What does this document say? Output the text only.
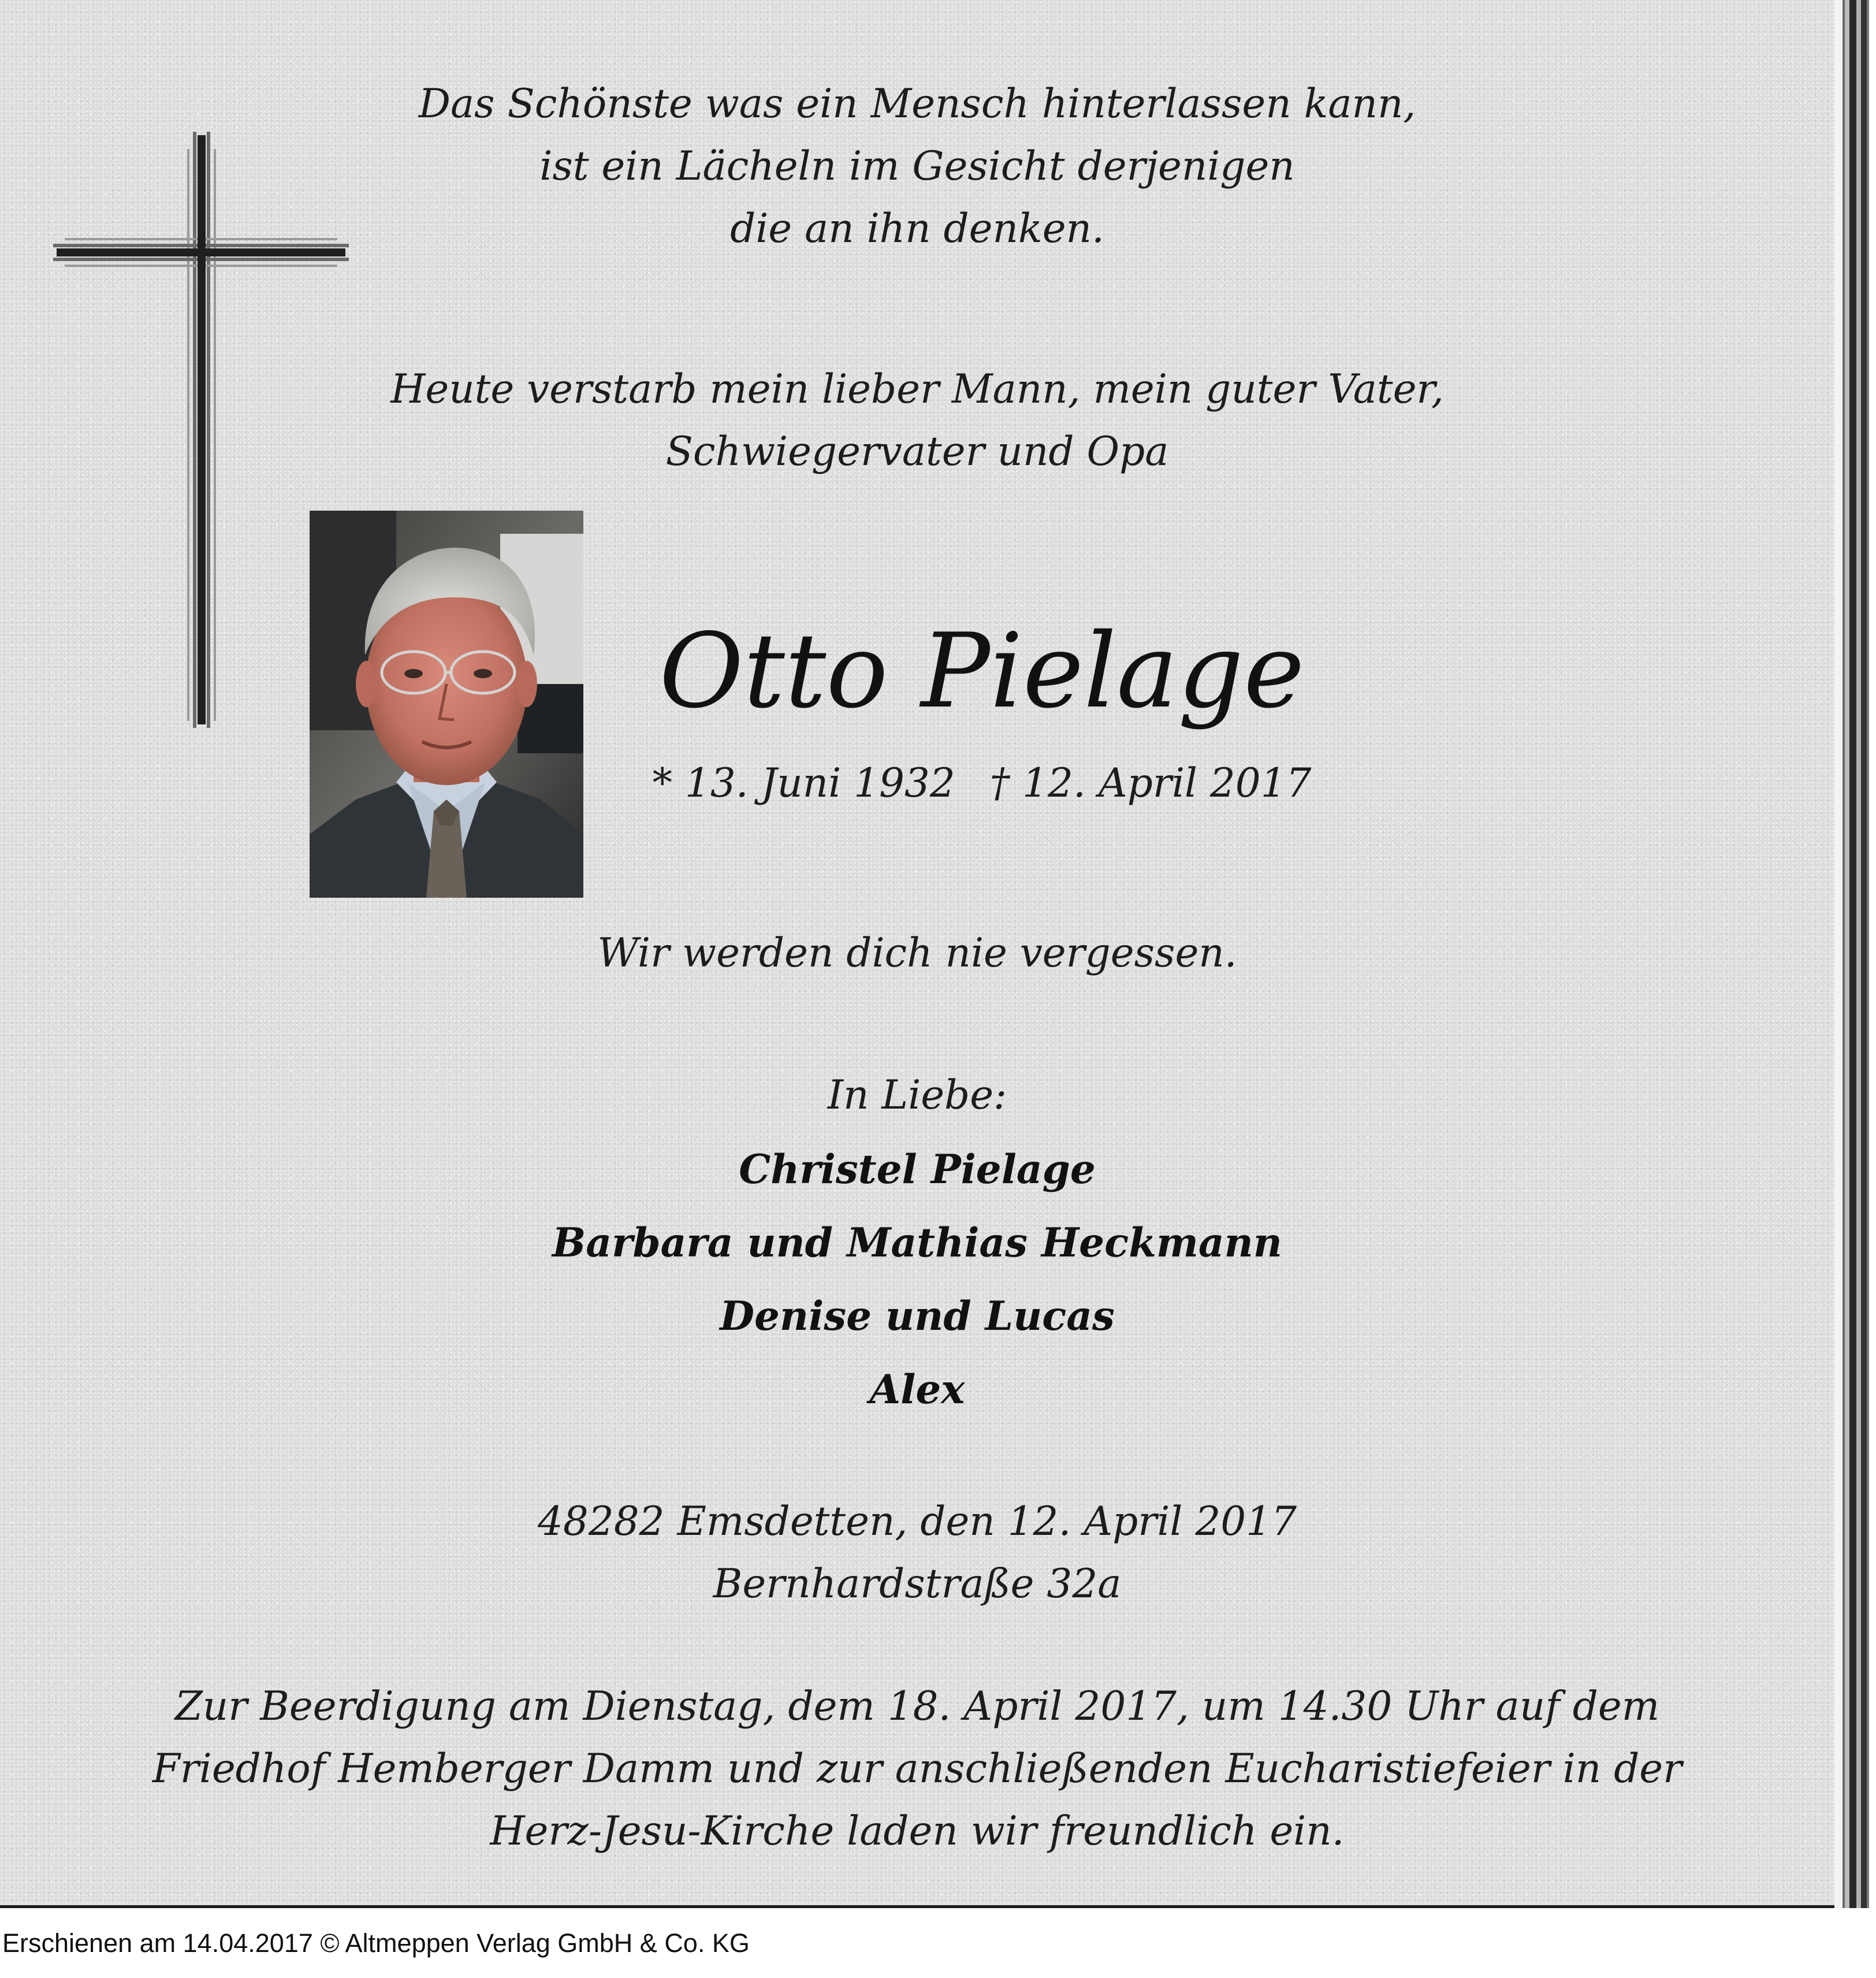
Das Schönste was ein Mensch hinterlassen kann,

ist ein Lächeln im Gesicht derjenigen

die an ihn denken.

Heute verstarb mein lieber Mann, mein guter Vater,

Schwiegervater und Opa

Otto Pielage
* 13. Juni 1932 † 12. April 2017

Wir werden dich nie vergessen.

In Liebe:

Christel Pielage
Barbara und Mathias Heckmann
Denise und Lucas
Alex

48282 Emsdetten, den 12. April 2017

Bernhardstraße 32a

Zur Beerdigung am Dienstag, dem 18. April 2017, um 14.30 Uhr auf dem

Friedhof Hemberger Damm und zur anschließenden Eucharistiefeier in der

Herz-Jesu-Kirche laden wir freundlich ein.

Erschienen am 14.04.2017 © Altmeppen Verlag GmbH & Co. KG
